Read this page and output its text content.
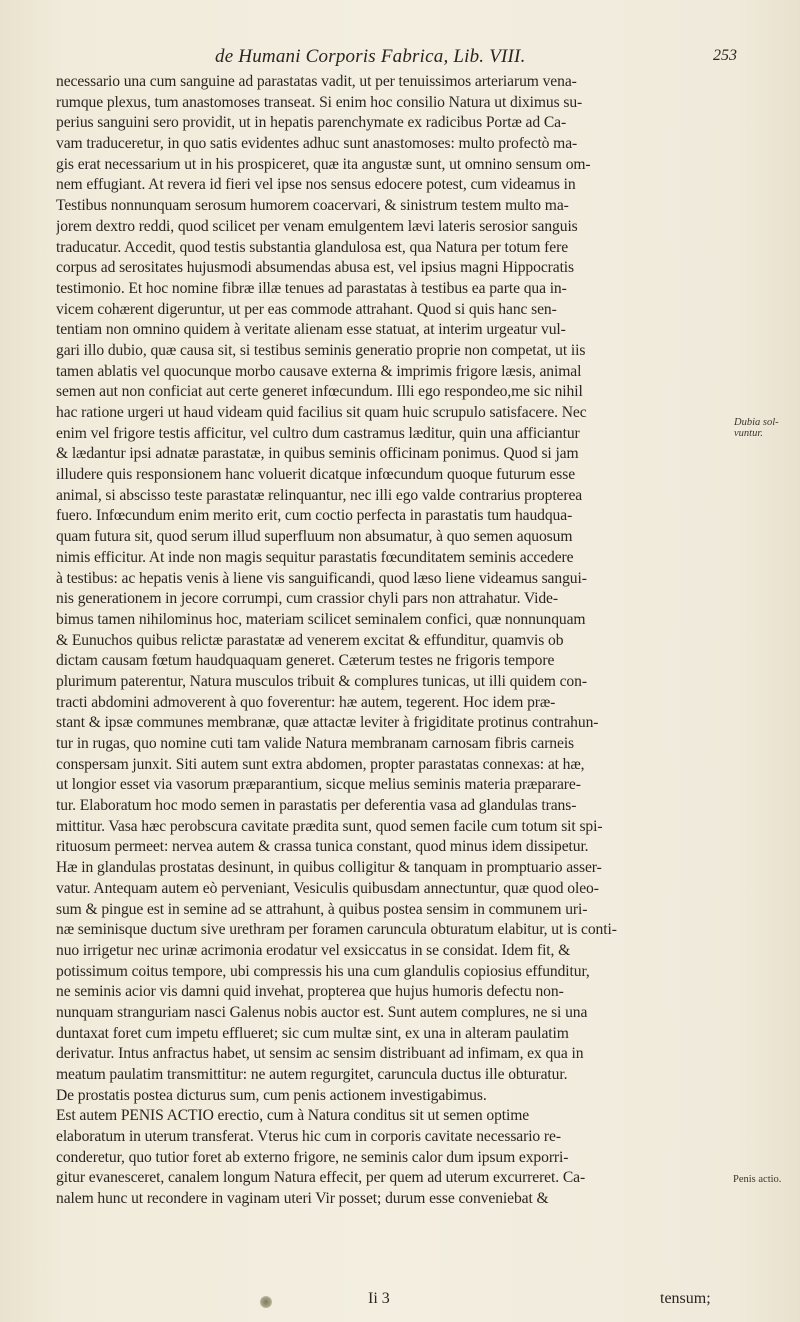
de Humani Corporis Fabrica, Lib. VIII.	253
necessario una cum sanguine ad parastatas vadit, ut per tenuissimos arteriarum vena-
rumque plexus, tum anastomoses transeat. Si enim hoc consilio Natura ut diximus su-
perius sanguini sero providit, ut in hepatis parenchymate ex radicibus Portæ ad Ca-
vam traduceretur, in quo satis evidentes adhuc sunt anastomoses: multo profectò ma-
gis erat necessarium ut in his prospiceret, quæ ita angustæ sunt, ut omnino sensum om-
nem effugiant. At revera id fieri vel ipse nos sensus edocere potest, cum videamus in
Testibus nonnunquam serosum humorem coacervari, & sinistrum testem multo ma-
jorem dextro reddi, quod scilicet per venam emulgentem lævi lateris serosior sanguis
traducatur. Accedit, quod testis substantia glandulosa est, qua Natura per totum fere
corpus ad serositates hujusmodi absumendas abusa est, vel ipsius magni Hippocratis
testimonio. Et hoc nomine fibræ illæ tenues ad parastatas à testibus ea parte qua in-
vicem cohærent digeruntur, ut per eas commode attrahant. Quod si quis hanc sen-
tentiam non omnino quidem à veritate alienam esse statuat, at interim urgeatur vul-
gari illo dubio, quæ causa sit, si testibus seminis generatio proprie non competat, ut iis
tamen ablatis vel quocunque morbo causave externa & imprimis frigore læsis, animal
semen aut non conficiat aut certe generet infœcundum. Illi ego respondeo,me sic nihil
hac ratione urgeri ut haud videam quid facilius sit quam huic scrupulo satisfacere. Nec
enim vel frigore testis afficitur, vel cultro dum castramus læditur, quin una afficiantur
& lædantur ipsi adnatæ parastatæ, in quibus seminis officinam ponimus. Quod si jam
illudere quis responsionem hanc voluerit dicatque infœcundum quoque futurum esse
animal, si abscisso teste parastatæ relinquantur, nec illi ego valde contrarius propterea
fuero. Infœcundum enim merito erit, cum coctio perfecta in parastatis tum haudqua-
quam futura sit, quod serum illud superfluum non absumatur, à quo semen aquosum
nimis efficitur. At inde non magis sequitur parastatis fœcunditatem seminis accedere
à testibus: ac hepatis venis à liene vis sanguificandi, quod læso liene videamus sangui-
nis generationem in jecore corrumpi, cum crassior chyli pars non attrahatur. Vide-
bimus tamen nihilominus hoc, materiam scilicet seminalem confici, quæ nonnunquam
& Eunuchos quibus relictæ parastatæ ad venerem excitat & effunditur, quamvis ob
dictam causam fœtum haudquaquam generet. Cæterum testes ne frigoris tempore
plurimum paterentur, Natura musculos tribuit & complures tunicas, ut illi quidem con-
tracti abdomini admoverent à quo foverentur: hæ autem, tegerent. Hoc idem præ-
stant & ipsæ communes membranæ, quæ attactæ leviter à frigiditate protinus contrahun-
tur in rugas, quo nomine cuti tam valide Natura membranam carnosam fibris carneis
conspersam junxit. Siti autem sunt extra abdomen, propter parastatas connexas: at hæ,
ut longior esset via vasorum præparantium, sicque melius seminis materia præparare-
tur. Elaboratum hoc modo semen in parastatis per deferentia vasa ad glandulas trans-
mittitur. Vasa hæc perobscura cavitate prædita sunt, quod semen facile cum totum sit spi-
rituosum permeet: nervea autem & crassa tunica constant, quod minus idem dissipetur.
Hæ in glandulas prostatas desinunt, in quibus colligitur & tanquam in promptuario asser-
vatur. Antequam autem eò perveniant, Vesiculis quibusdam annectuntur, quæ quod oleo-
sum & pingue est in semine ad se attrahunt, à quibus postea sensim in communem uri-
næ seminisque ductum sive urethram per foramen caruncula obturatum elabitur, ut is conti-
nuo irrigetur nec urinæ acrimonia erodatur vel exsiccatus in se considat. Idem fit, &
potissimum coitus tempore, ubi compressis his una cum glandulis copiosius effunditur,
ne seminis acior vis damni quid invehat, propterea que hujus humoris defectu non-
nunquam stranguriam nasci Galenus nobis auctor est. Sunt autem complures, ne si una
duntaxat foret cum impetu efflueret; sic cum multæ sint, ex una in alteram paulatim
derivatur. Intus anfractus habet, ut sensim ac sensim distribuant ad infimam, ex qua in
meatum paulatim transmittitur: ne autem regurgitet, caruncula ductus ille obturatur.
De prostatis postea dicturus sum, cum penis actionem investigabimus.
Est autem PENIS ACTIO erectio, cum à Natura conditus sit ut semen optime
elaboratum in uterum transferat. Vterus hic cum in corporis cavitate necessario re-
conderetur, quo tutior foret ab externo frigore, ne seminis calor dum ipsum exporri-
gitur evanesceret, canalem longum Natura effecit, per quem ad uterum excurreret. Ca-
nalem hunc ut recondere in vaginam uteri Vir posset; durum esse conveniebat &
Dubia sol-vuntur.
Penis actio.
Ii 3	tensum;
